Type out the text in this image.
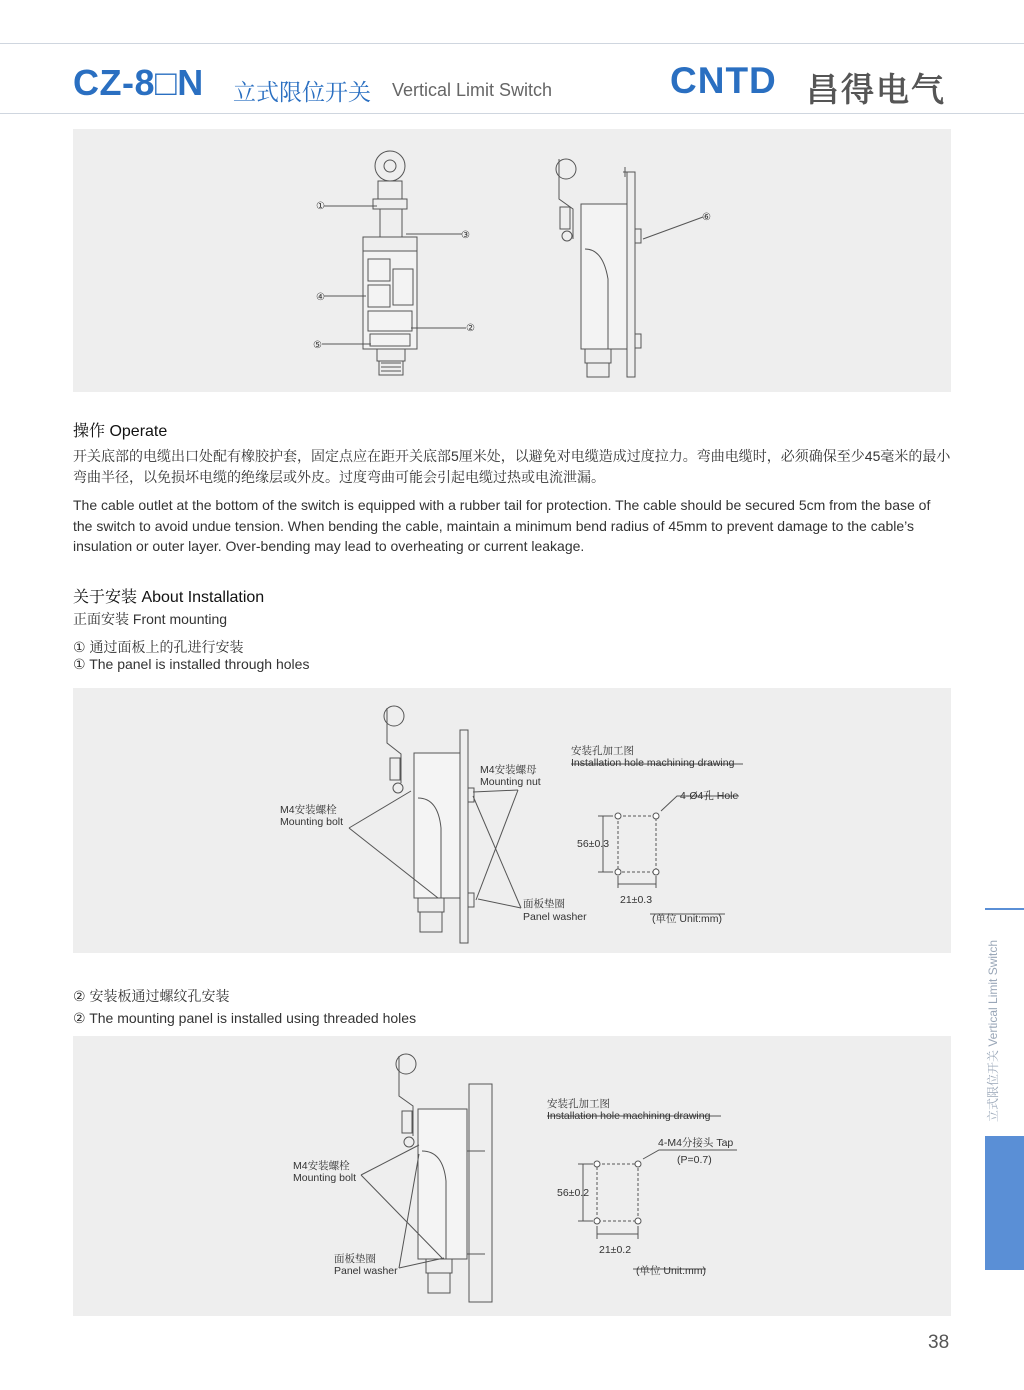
CZ-8□N 立式限位开关 Vertical Limit Switch	CNTD 昌得电气
①
②
③
④
⑤
⑥
操作 Operate
开关底部的电缆出口处配有橡胶护套，固定点应在距开关底部5厘米处，以避免对电缆造成过度拉力。弯曲电缆时，必须确保至少45毫米的最小弯曲半径，以免损坏电缆的绝缘层或外皮。过度弯曲可能会引起电缆过热或电流泄漏。
The cable outlet at the bottom of the switch is equipped with a rubber tail for protection. The cable should be secured 5cm from the base of the switch to avoid undue tension. When bending the cable, maintain a minimum bend radius of 45mm to prevent damage to the cable’s insulation or outer layer. Over-bending may lead to overheating or current leakage.
关于安装 About Installation
正面安装 Front mounting
① 通过面板上的孔进行安装
① The panel is installed through holes
M4安装螺母
Mounting nut
M4安装螺栓
Mounting bolt
面板垫圈
Panel washer
安装孔加工图
Installation hole machining drawing
4-Ø4孔 Hole
56±0.3
21±0.3
(单位 Unit:mm)
② 安装板通过螺纹孔安装
② The mounting panel is installed using threaded holes
M4安装螺栓
Mounting bolt
面板垫圈
Panel washer
安装孔加工图
Installation hole machining drawing
4-M4分接头 Tap
(P=0.7)
56±0.2
21±0.2
(单位 Unit:mm)
立式限位开关 Vertical Limit Switch
38
